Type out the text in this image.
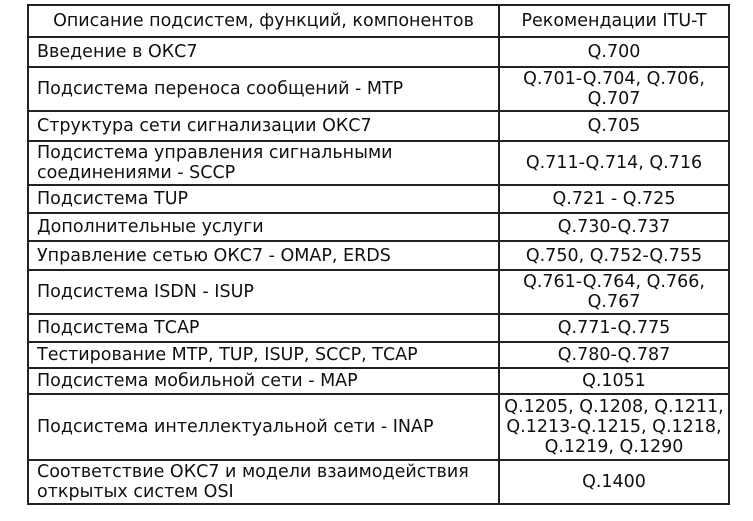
Описание подсистем, функций, компонентов	Рекомендации ITU-T
Введение в ОКС7	Q.700
Подсистема переноса сообщений - МТР	Q.701-Q.704, Q.706,
Q.707
Структура сети сигнализации ОКС7	Q.705
Подсистема управления сигнальными
соединениями - SCCP	Q.711-Q.714, Q.716
Подсистема TUP	Q.721 - Q.725
Дополнительные услуги	Q.730-Q.737
Управление сетью ОКС7 - ОМАР, ERDS	Q.750, Q.752-Q.755
Подсистема ISDN - ISUP	Q.761-Q.764, Q.766,
Q.767
Подсистема ТСАР	Q.771-Q.775
Тестирование MTP, TUP, ISUP, SCCP, ТСАР	Q.780-Q.787
Подсистема мобильной сети - МАР	Q.1051
Подсистема интеллектуальной сети - INAP	Q.1205, Q.1208, Q.1211,
Q.1213-Q.1215, Q.1218,
Q.1219, Q.1290
Соответствие ОКС7 и модели взаимодействия
открытых систем OSI	Q.1400
